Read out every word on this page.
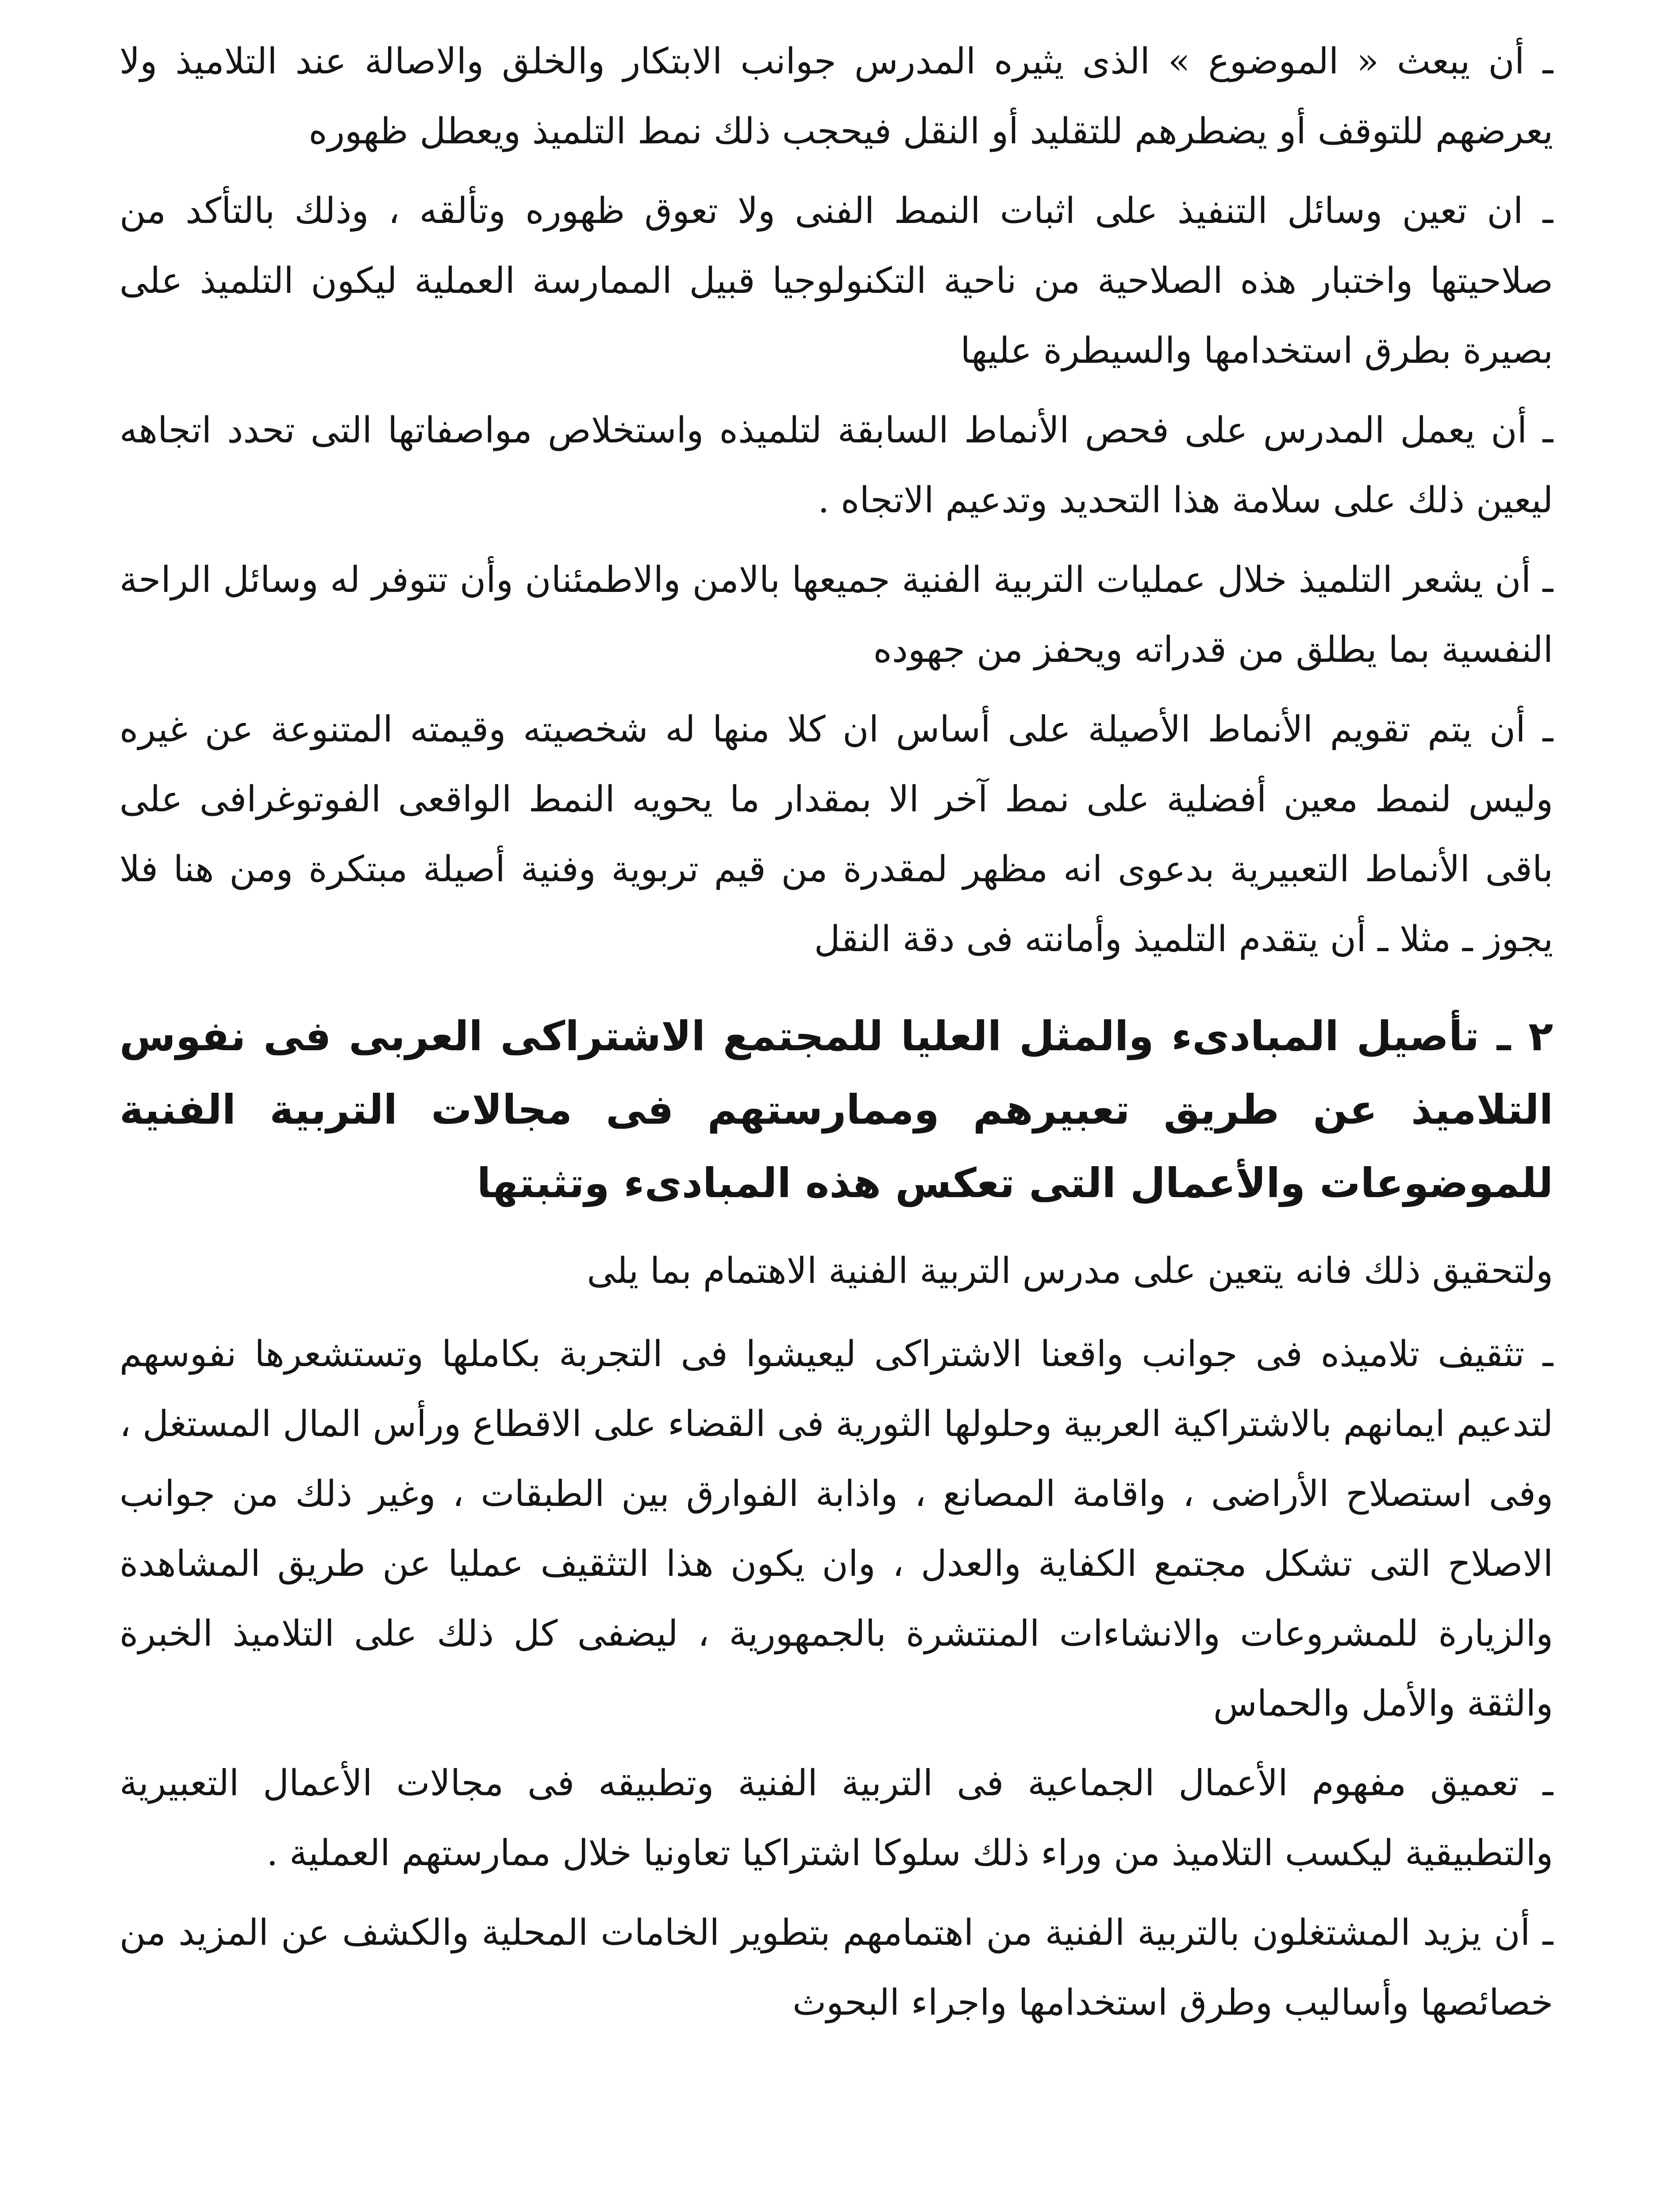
ـ أن يبعث « الموضوع » الذى يثيره المدرس جوانب الابتكار والخلق والاصالة عند التلاميذ ولا يعرضهم للتوقف أو يضطرهم للتقليد أو النقل فيحجب ذلك نمط التلميذ ويعطل ظهوره

ـ ان تعين وسائل التنفيذ على اثبات النمط الفنى ولا تعوق ظهوره وتألقه ، وذلك بالتأكد من صلاحيتها واختبار هذه الصلاحية من ناحية التكنولوجيا قبيل الممارسة العملية ليكون التلميذ على بصيرة بطرق استخدامها والسيطرة عليها

ـ أن يعمل المدرس على فحص الأنماط السابقة لتلميذه واستخلاص مواصفاتها التى تحدد اتجاهه ليعين ذلك على سلامة هذا التحديد وتدعيم الاتجاه .

ـ أن يشعر التلميذ خلال عمليات التربية الفنية جميعها بالامن والاطمئنان وأن تتوفر له وسائل الراحة النفسية بما يطلق من قدراته ويحفز من جهوده

ـ أن يتم تقويم الأنماط الأصيلة على أساس ان كلا منها له شخصيته وقيمته المتنوعة عن غيره وليس لنمط معين أفضلية على نمط آخر الا بمقدار ما يحويه النمط الواقعى الفوتوغرافى على باقى الأنماط التعبيرية بدعوى انه مظهر لمقدرة من قيم تربوية وفنية أصيلة مبتكرة ومن هنا فلا يجوز ـ مثلا ـ أن يتقدم التلميذ وأمانته فى دقة النقل

٢ ـ تأصيل المبادىء والمثل العليا للمجتمع الاشتراكى العربى فى نفوس التلاميذ عن طريق تعبيرهم وممارستهم فى مجالات التربية الفنية للموضوعات والأعمال التى تعكس هذه المبادىء وتثبتها

ولتحقيق ذلك فانه يتعين على مدرس التربية الفنية الاهتمام بما يلى

ـ تثقيف تلاميذه فى جوانب واقعنا الاشتراكى ليعيشوا فى التجربة بكاملها وتستشعرها نفوسهم لتدعيم ايمانهم بالاشتراكية العربية وحلولها الثورية فى القضاء على الاقطاع ورأس المال المستغل ، وفى استصلاح الأراضى ، واقامة المصانع ، واذابة الفوارق بين الطبقات ، وغير ذلك من جوانب الاصلاح التى تشكل مجتمع الكفاية والعدل ، وان يكون هذا التثقيف عمليا عن طريق المشاهدة والزيارة للمشروعات والانشاءات المنتشرة بالجمهورية ، ليضفى كل ذلك على التلاميذ الخبرة والثقة والأمل والحماس

ـ تعميق مفهوم الأعمال الجماعية فى التربية الفنية وتطبيقه فى مجالات الأعمال التعبيرية والتطبيقية ليكسب التلاميذ من وراء ذلك سلوكا اشتراكيا تعاونيا خلال ممارستهم العملية .

ـ أن يزيد المشتغلون بالتربية الفنية من اهتمامهم بتطوير الخامات المحلية والكشف عن المزيد من خصائصها وأساليب وطرق استخدامها واجراء البحوث
